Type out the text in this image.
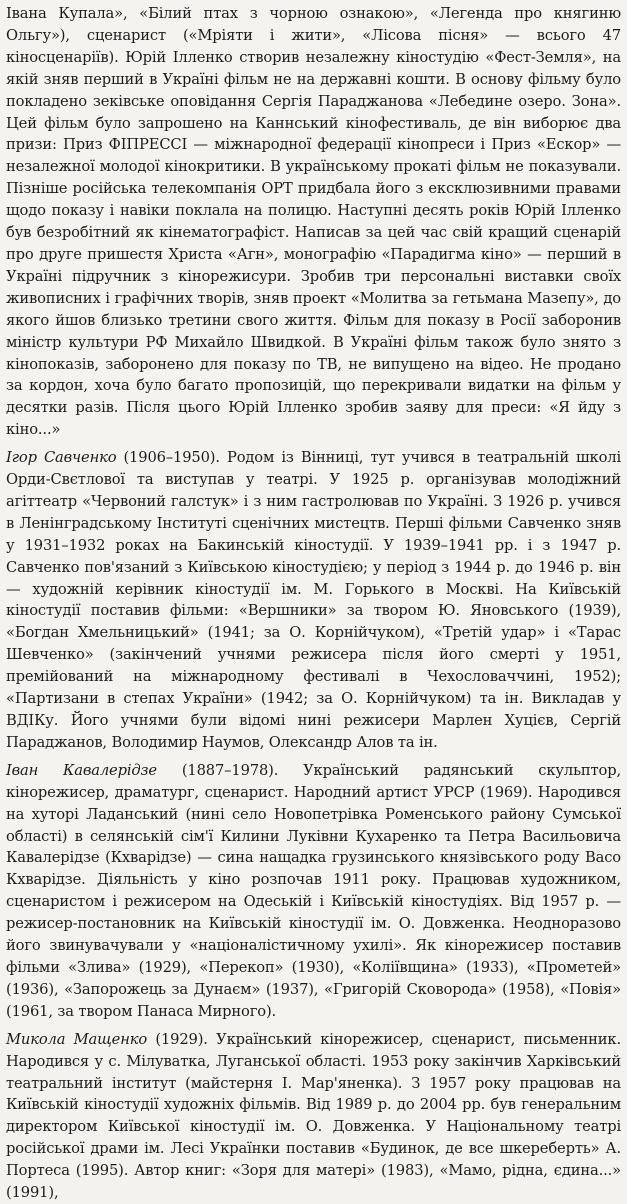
Івана Купала», «Білий птах з чорною ознакою», «Легенда про княгиню Ольгу»), сценарист («Мріяти і жити», «Лісова пісня» — всього 47 кіносценаріїв). Юрій Ілленко створив незалежну кіностудію «Фест-Земля», на якій зняв перший в Україні фільм не на державні кошти. В основу фільму було покладено зеківське оповідання Сергія Параджанова «Лебедине озеро. Зона». Цей фільм було запрошено на Каннський кінофестиваль, де він виборює два призи: Приз ФІПРЕССІ — міжнародної федерації кінопреси і Приз «Ескор» — незалежної молодої кінокритики. В українському прокаті фільм не показували. Пізніше російська телекомпанія ОРТ придбала його з ексклюзивними правами щодо показу і навіки поклала на полицю. Наступні десять років Юрій Ілленко був безробітний як кінематографіст. Написав за цей час свій кращий сценарій про друге пришестя Христа «Агн», монографію «Парадигма кіно» — перший в Україні підручник з кінорежисури. Зробив три персональні виставки своїх живописних і графічних творів, зняв проект «Молитва за гетьмана Мазепу», до якого йшов близько третини свого життя. Фільм для показу в Росії заборонив міністр культури РФ Михайло Швидкой. В Україні фільм також було знято з кінопоказів, заборонено для показу по ТВ, не випущено на відео. Не продано за кордон, хоча було багато пропозицій, що перекривали видатки на фільм у десятки разів. Після цього Юрій Ілленко зробив заяву для преси: «Я йду з кіно...»

Ігор Савченко (1906–1950). Родом із Вінниці, тут учився в театральній школі Орди-Свєтлової та виступав у театрі. У 1925 р. організував молодіжний агіттеатр «Червоний галстук» і з ним гастролював по Україні. З 1926 р. учився в Ленінградському Інституті сценічних мистецтв. Перші фільми Савченко зняв у 1931–1932 роках на Бакинській кіностудії. У 1939–1941 рр. і з 1947 р. Савченко пов'язаний з Київською кіностудією; у період з 1944 р. до 1946 р. він — художній керівник кіностудії ім. М. Горького в Москві. На Київській кіностудії поставив фільми: «Вершники» за твором Ю. Яновського (1939), «Богдан Хмельницький» (1941; за О. Корнійчуком), «Третій удар» і «Тарас Шевченко» (закінчений учнями режисера після його смерті у 1951, премійований на міжнародному фестивалі в Чехословаччині, 1952); «Партизани в степах України» (1942; за О. Корнійчуком) та ін. Викладав у ВДІКу. Його учнями були відомі нині режисери Марлен Хуцієв, Сергій Параджанов, Володимир Наумов, Олександр Алов та ін.

Іван Кавалерідзе (1887–1978). Український радянський скульптор, кінорежисер, драматург, сценарист. Народний артист УРСР (1969). Народився на хуторі Ладанський (нині село Новопетрівка Роменського району Сумської області) в селянській сім'ї Килини Луківни Кухаренко та Петра Васильовича Кавалерідзе (Кхварідзе) — сина нащадка грузинського князівського роду Васо Кхварідзе. Діяльність у кіно розпочав 1911 року. Працював художником, сценаристом і режисером на Одеській і Київській кіностудіях. Від 1957 р. — режисер-постановник на Київській кіностудії ім. О. Довженка. Неодноразово його звинувачували у «націоналістичному ухилі». Як кінорежисер поставив фільми «Злива» (1929), «Перекоп» (1930), «Коліївщина» (1933), «Прометей» (1936), «Запорожець за Дунаєм» (1937), «Григорій Сковорода» (1958), «Повія» (1961, за твором Панаса Мирного).

Микола Мащенко (1929). Український кінорежисер, сценарист, письменник. Народився у с. Мілуватка, Луганської області. 1953 року закінчив Харківський театральний інститут (майстерня І. Мар'яненка). З 1957 року працював на Київській кіностудії художніх фільмів. Від 1989 р. до 2004 рр. був генеральним директором Київської кіностудії ім. О. Довженка. У Національному театрі російської драми ім. Лесі Українки поставив «Будинок, де все шкереберть» А. Портеса (1995). Автор книг: «Зоря для матері» (1983), «Мамо, рідна, єдина...» (1991),
